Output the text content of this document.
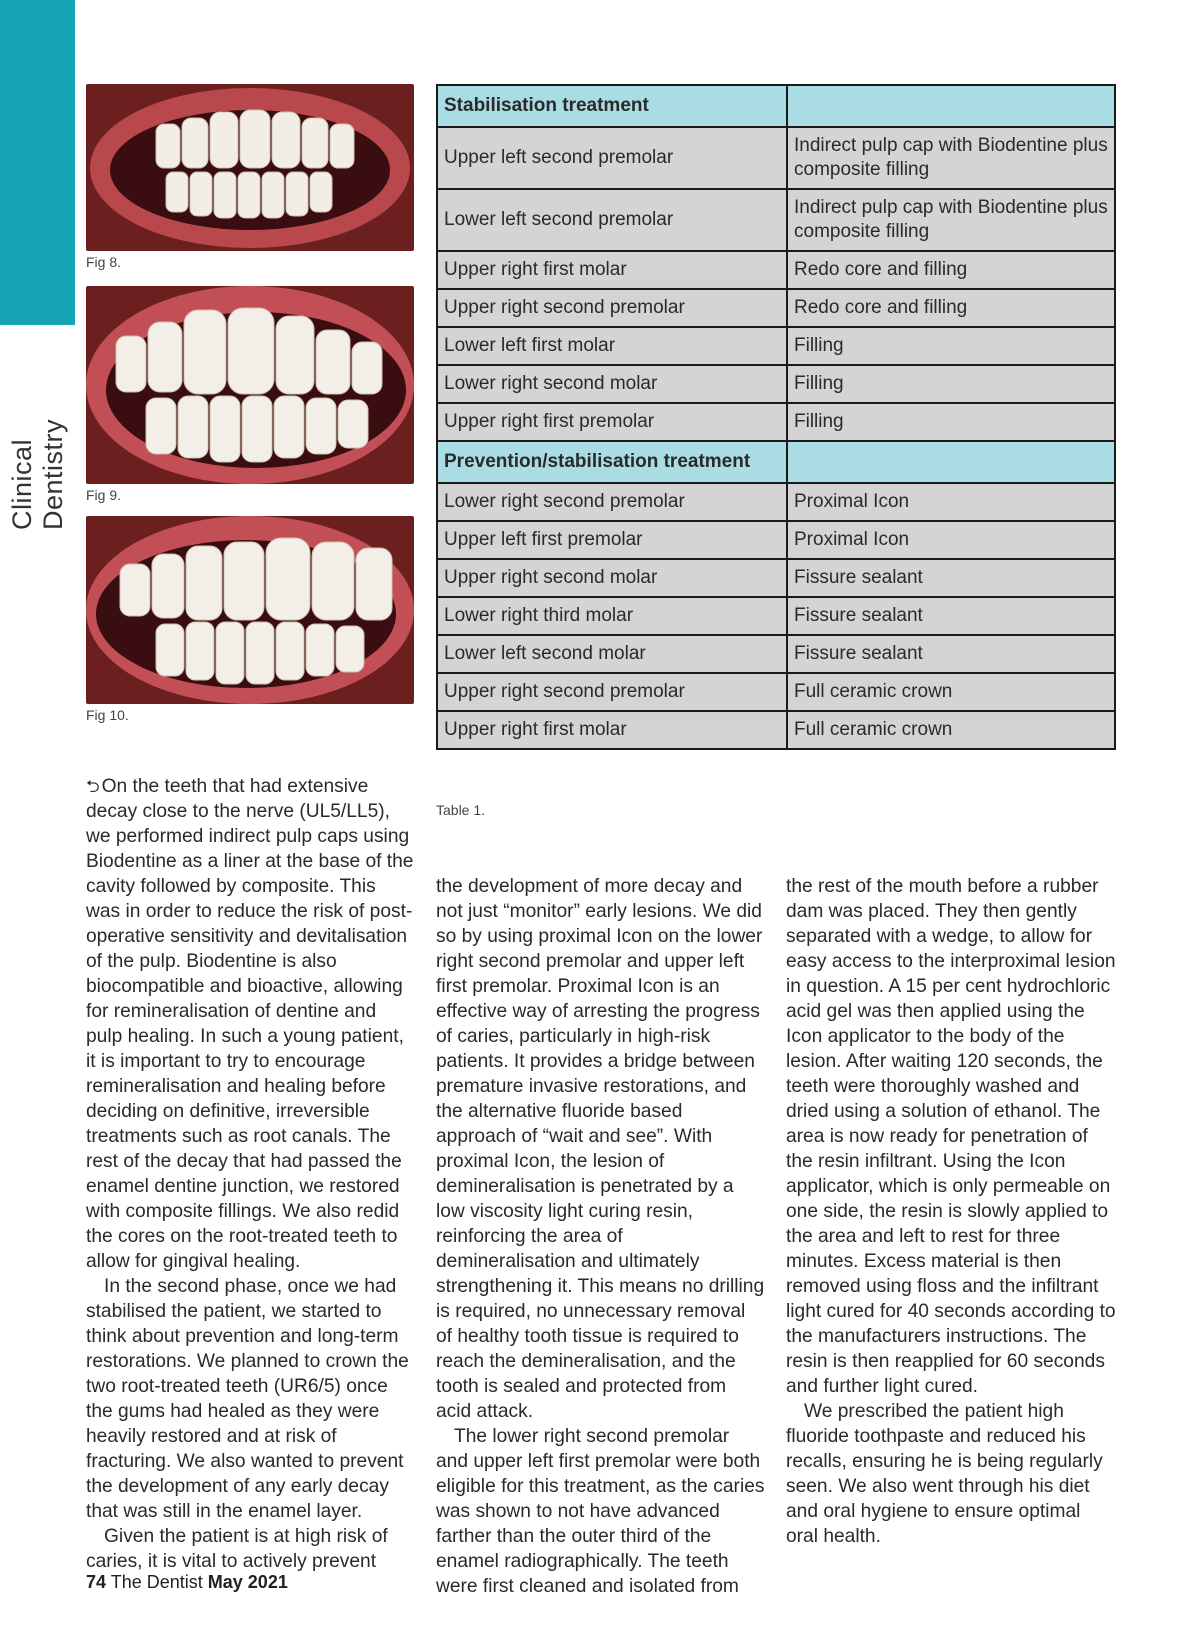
Clinical Dentistry
Fig 8.
Fig 9.
Fig 10.
Stabilisation treatment	
Upper left second premolar	Indirect pulp cap with Biodentine plus composite filling
Lower left second premolar	Indirect pulp cap with Biodentine plus composite filling
Upper right first molar	Redo core and filling
Upper right second premolar	Redo core and filling
Lower left first molar	Filling
Lower right second molar	Filling
Upper right first premolar	Filling
Prevention/stabilisation treatment	
Lower right second premolar	Proximal Icon
Upper left first premolar	Proximal Icon
Upper right second molar	Fissure sealant
Lower right third molar	Fissure sealant
Lower left second molar	Fissure sealant
Upper right second premolar	Full ceramic crown
Upper right first molar	Full ceramic crown
Table 1.

⮌ On the teeth that had extensive decay close to the nerve (UL5/LL5), we performed indirect pulp caps using Biodentine as a liner at the base of the cavity followed by composite. This was in order to reduce the risk of post-operative sensitivity and devitalisation of the pulp. Biodentine is also biocompatible and bioactive, allowing for remineralisation of dentine and pulp healing. In such a young patient, it is important to try to encourage remineralisation and healing before deciding on definitive, irreversible treatments such as root canals. The rest of the decay that had passed the enamel dentine junction, we restored with composite fillings. We also redid the cores on the root-treated teeth to allow for gingival healing.

In the second phase, once we had stabilised the patient, we started to think about prevention and long-term restorations. We planned to crown the two root-treated teeth (UR6/5) once the gums had healed as they were heavily restored and at risk of fracturing. We also wanted to prevent the development of any early decay that was still in the enamel layer.

Given the patient is at high risk of caries, it is vital to actively prevent

the development of more decay and not just “monitor” early lesions. We did so by using proximal Icon on the lower right second premolar and upper left first premolar. Proximal Icon is an effective way of arresting the progress of caries, particularly in high-risk patients. It provides a bridge between premature invasive restorations, and the alternative fluoride based approach of “wait and see”. With proximal Icon, the lesion of demineralisation is penetrated by a low viscosity light curing resin, reinforcing the area of demineralisation and ultimately strengthening it. This means no drilling is required, no unnecessary removal of healthy tooth tissue is required to reach the demineralisation, and the tooth is sealed and protected from acid attack.

The lower right second premolar and upper left first premolar were both eligible for this treatment, as the caries was shown to not have advanced farther than the outer third of the enamel radiographically. The teeth were first cleaned and isolated from

the rest of the mouth before a rubber dam was placed. They then gently separated with a wedge, to allow for easy access to the interproximal lesion in question. A 15 per cent hydrochloric acid gel was then applied using the Icon applicator to the body of the lesion. After waiting 120 seconds, the teeth were thoroughly washed and dried using a solution of ethanol. The area is now ready for penetration of the resin infiltrant. Using the Icon applicator, which is only permeable on one side, the resin is slowly applied to the area and left to rest for three minutes. Excess material is then removed using floss and the infiltrant light cured for 40 seconds according to the manufacturers instructions. The resin is then reapplied for 60 seconds and further light cured.

We prescribed the patient high fluoride toothpaste and reduced his recalls, ensuring he is being regularly seen. We also went through his diet and oral hygiene to ensure optimal oral health.

74 The Dentist May 2021
